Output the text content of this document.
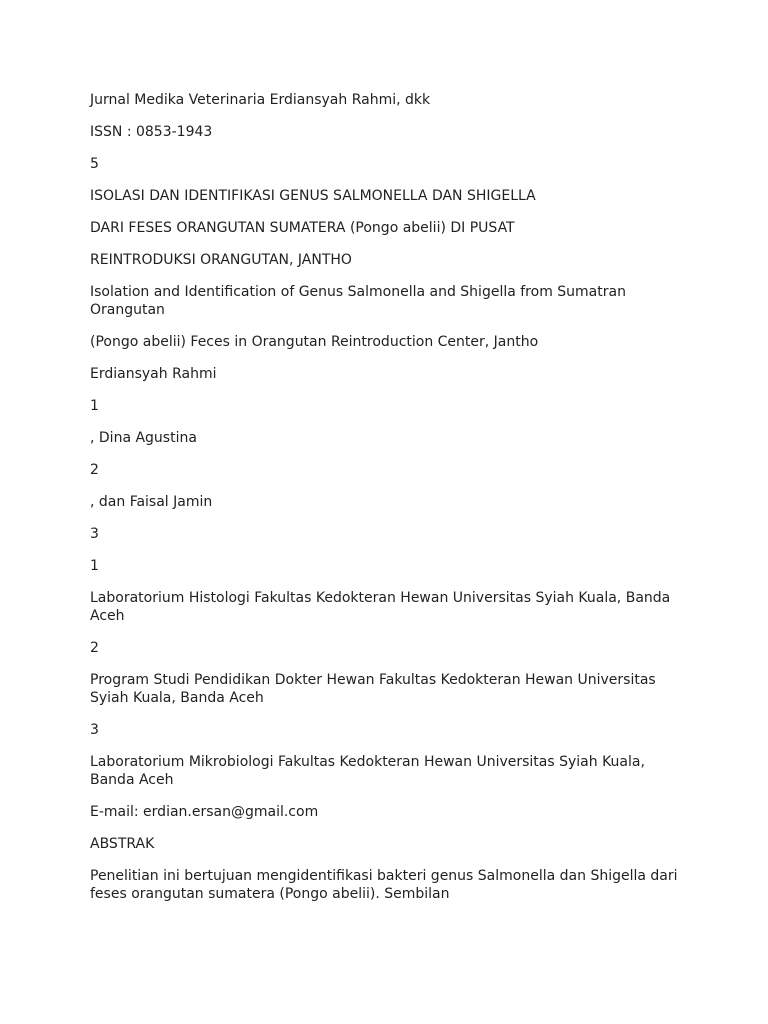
Jurnal Medika Veterinaria Erdiansyah Rahmi, dkk

ISSN : 0853-1943

5

ISOLASI DAN IDENTIFIKASI GENUS SALMONELLA DAN SHIGELLA

DARI FESES ORANGUTAN SUMATERA (Pongo abelii) DI PUSAT

REINTRODUKSI ORANGUTAN, JANTHO

Isolation and Identification of Genus Salmonella and Shigella from Sumatran Orangutan

(Pongo abelii) Feces in Orangutan Reintroduction Center, Jantho

Erdiansyah Rahmi

1

, Dina Agustina

2

, dan Faisal Jamin

3

1

Laboratorium Histologi Fakultas Kedokteran Hewan Universitas Syiah Kuala, Banda Aceh

2

Program Studi Pendidikan Dokter Hewan Fakultas Kedokteran Hewan Universitas Syiah Kuala, Banda Aceh

3

Laboratorium Mikrobiologi Fakultas Kedokteran Hewan Universitas Syiah Kuala, Banda Aceh

E-mail: erdian.ersan@gmail.com

ABSTRAK

Penelitian ini bertujuan mengidentifikasi bakteri genus Salmonella dan Shigella dari feses orangutan sumatera (Pongo abelii). Sembilan
